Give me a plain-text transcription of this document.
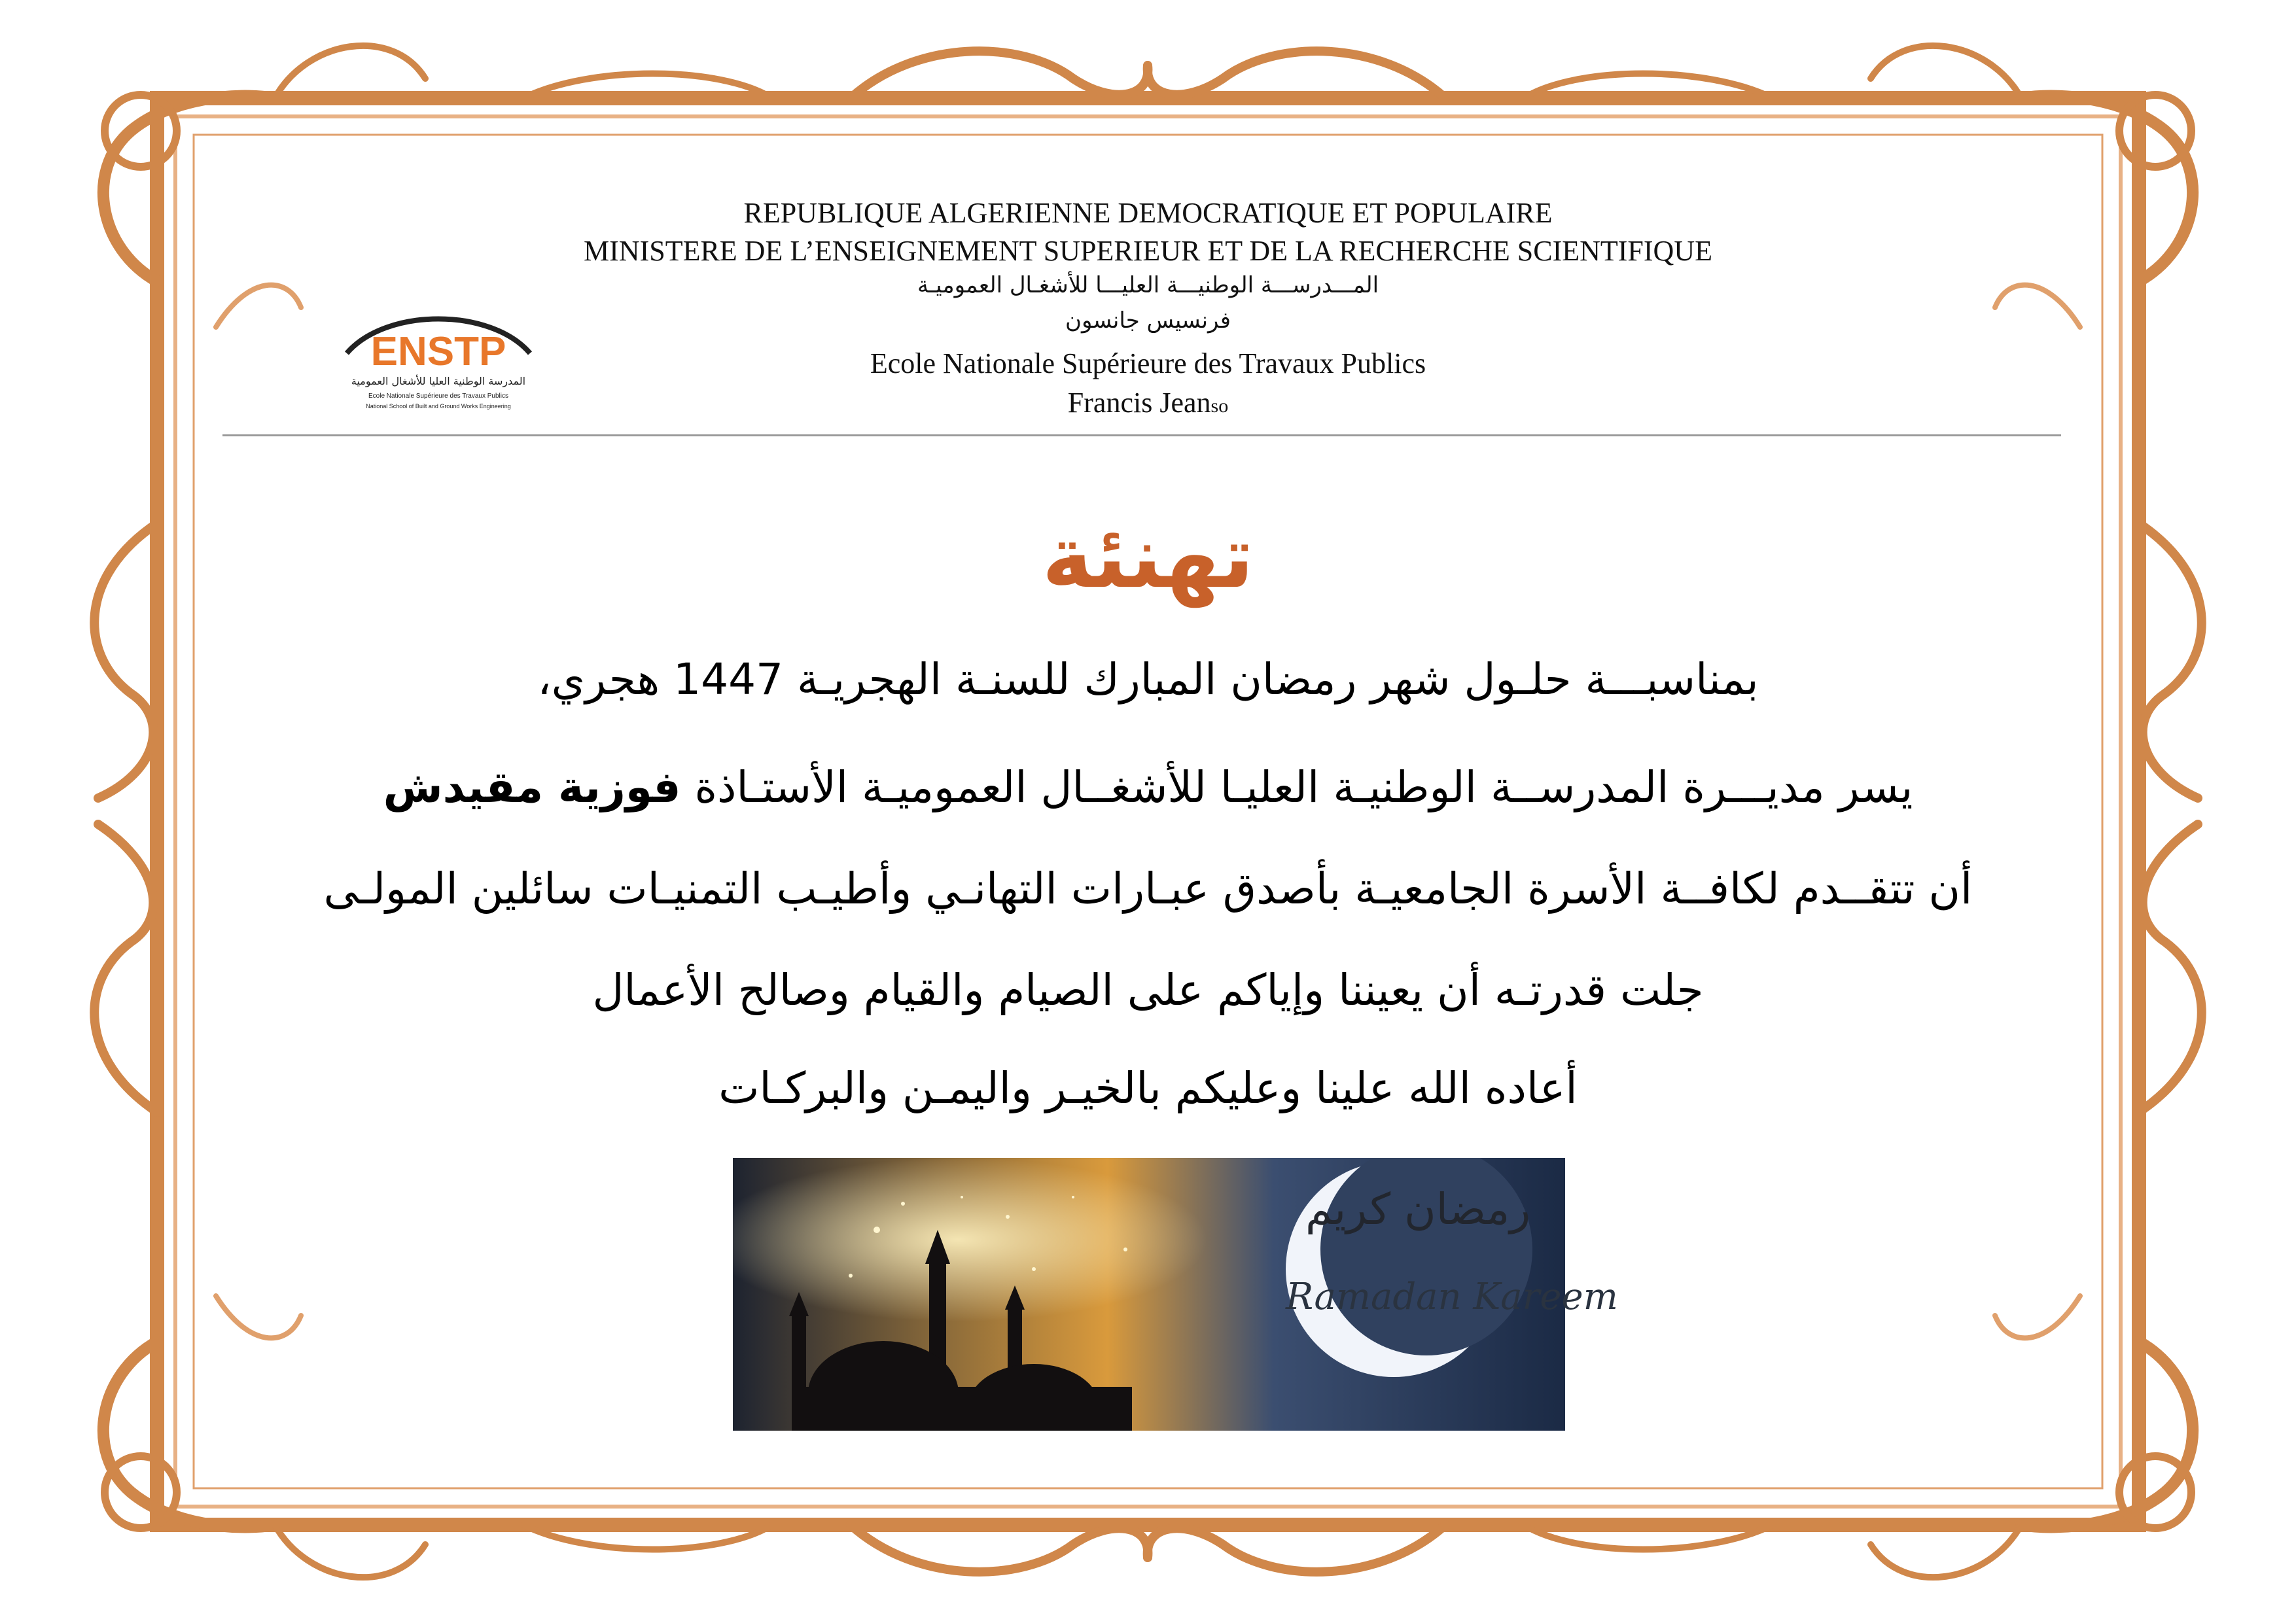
REPUBLIQUE ALGERIENNE DEMOCRATIQUE ET POPULAIRE
MINISTERE DE L’ENSEIGNEMENT SUPERIEUR ET DE LA RECHERCHE SCIENTIFIQUE
المـــدرســـة الوطنيـــة العليـــا للأشغـال العموميـة
فرنسيس جانسون
Ecole Nationale Supérieure des Travaux Publics
Francis Jeanso
ENSTP
المدرسة الوطنية العليا للأشغال العمومية
Ecole Nationale Supérieure des Travaux Publics
National School of Built and Ground Works Engineering
تهنئة
بمناسبـــة حلـول شهر رمضان المبارك للسنـة الهجريـة 1447 هجري،
يسر مديـــرة المدرســة الوطنيـة العليـا للأشغــال العموميـة الأستـاذة فوزية مقيدش
أن تتقــدم لكافــة الأسرة الجامعيـة بأصدق عبـارات التهانـي وأطيـب التمنيـات سائلين المولـى
جلت قدرتـه أن يعيننا وإياكم على الصيام والقيام وصالح الأعمال
أعاده الله علينا وعليكم بالخيـر واليمـن والبركـات
رمضان كريم
Ramadan Kareem
